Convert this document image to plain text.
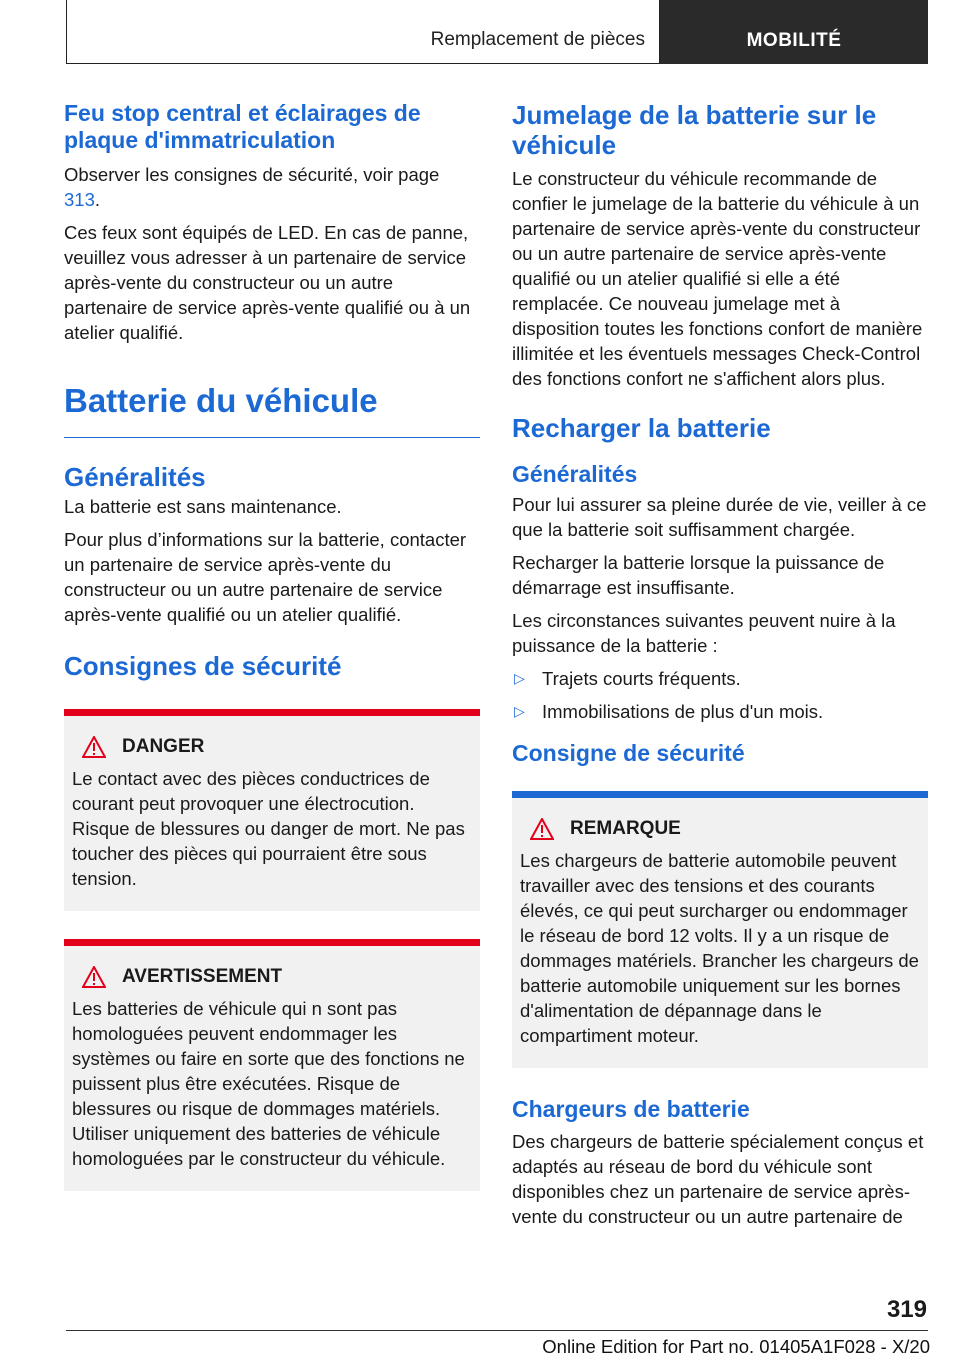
Remplacement de pièces	MOBILITÉ
Feu stop central et éclairages de plaque d'immatriculation

Observer les consignes de sécurité, voir page 313.

Ces feux sont équipés de LED. En cas de panne, veuillez vous adresser à un partenaire de service après-vente du constructeur ou un autre partenaire de service après-vente qualifié ou à un atelier qualifié.

Batterie du véhicule
Généralités

La batterie est sans maintenance.

Pour plus d’informations sur la batterie, contacter un partenaire de service après-vente du constructeur ou un autre partenaire de service après-vente qualifié ou un atelier qualifié.

Consignes de sécurité
DANGER

Le contact avec des pièces conductrices de courant peut provoquer une électrocution. Risque de blessures ou danger de mort. Ne pas toucher des pièces qui pourraient être sous tension.

AVERTISSEMENT

Les batteries de véhicule qui n sont pas homologuées peuvent endommager les systèmes ou faire en sorte que des fonctions ne puissent plus être exécutées. Risque de blessures ou risque de dommages matériels. Utiliser uniquement des batteries de véhicule homologuées par le constructeur du véhicule.

Jumelage de la batterie sur le véhicule

Le constructeur du véhicule recommande de confier le jumelage de la batterie du véhicule à un partenaire de service après-vente du constructeur ou un autre partenaire de service après-vente qualifié ou un atelier qualifié si elle a été remplacée. Ce nouveau jumelage met à disposition toutes les fonctions confort de manière illimitée et les éventuels messages Check-Control des fonctions confort ne s'affichent alors plus.

Recharger la batterie
Généralités

Pour lui assurer sa pleine durée de vie, veiller à ce que la batterie soit suffisamment chargée.

Recharger la batterie lorsque la puissance de démarrage est insuffisante.

Les circonstances suivantes peuvent nuire à la puissance de la batterie :

▷ Trajets courts fréquents.
▷ Immobilisations de plus d'un mois.
Consigne de sécurité
REMARQUE

Les chargeurs de batterie automobile peuvent travailler avec des tensions et des courants élevés, ce qui peut surcharger ou endommager le réseau de bord 12 volts. Il y a un risque de dommages matériels. Brancher les chargeurs de batterie automobile uniquement sur les bornes d'alimentation de dépannage dans le compartiment moteur.

Chargeurs de batterie

Des chargeurs de batterie spécialement conçus et adaptés au réseau de bord du véhicule sont disponibles chez un partenaire de service après-vente du constructeur ou un autre partenaire de

319
Online Edition for Part no. 01405A1F028 - X/20
